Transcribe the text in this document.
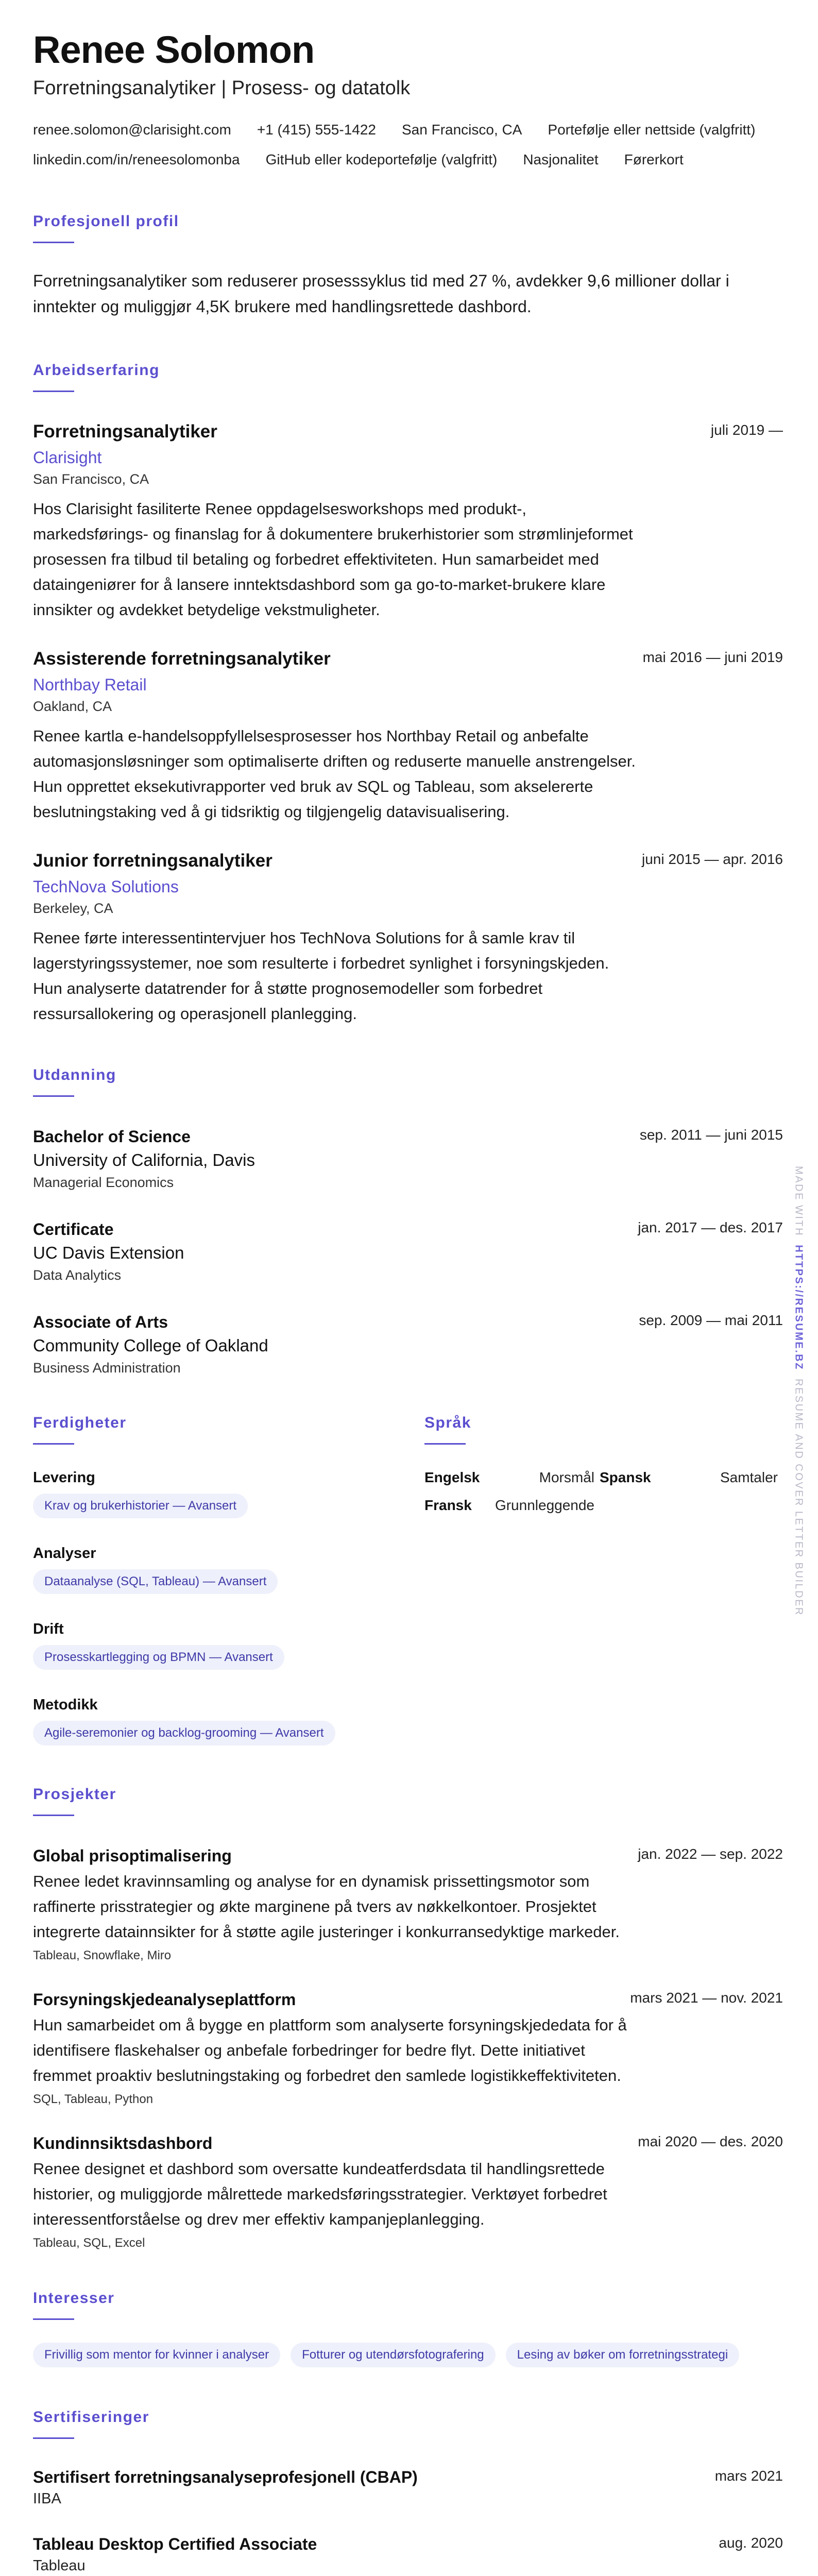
Renee Solomon
Forretningsanalytiker | Prosess- og datatolk
renee.solomon@clarisight.com +1 (415) 555-1422 San Francisco, CA Portefølje eller nettside (valgfritt)
linkedin.com/in/reneesolomonba GitHub eller kodeportefølje (valgfritt) Nasjonalitet Førerkort
Profesjonell profil
Forretningsanalytiker som reduserer prosesssyklus tid med 27 %, avdekker 9,6 millioner dollar i inntekter og muliggjør 4,5K brukere med handlingsrettede dashbord.
Arbeidserfaring
Forretningsanalytiker	juli 2019 —
Clarisight
San Francisco, CA
Hos Clarisight fasiliterte Renee oppdagelsesworkshops med produkt-, markedsførings- og finanslag for å dokumentere brukerhistorier som strømlinjeformet prosessen fra tilbud til betaling og forbedret effektiviteten. Hun samarbeidet med dataingeniører for å lansere inntektsdashbord som ga go-to-market-brukere klare innsikter og avdekket betydelige vekstmuligheter.
Assisterende forretningsanalytiker	mai 2016 — juni 2019
Northbay Retail
Oakland, CA
Renee kartla e-handelsoppfyllelsesprosesser hos Northbay Retail og anbefalte automasjonsløsninger som optimaliserte driften og reduserte manuelle anstrengelser. Hun opprettet eksekutivrapporter ved bruk av SQL og Tableau, som akselererte beslutningstaking ved å gi tidsriktig og tilgjengelig datavisualisering.
Junior forretningsanalytiker	juni 2015 — apr. 2016
TechNova Solutions
Berkeley, CA
Renee førte interessentintervjuer hos TechNova Solutions for å samle krav til lagerstyringssystemer, noe som resulterte i forbedret synlighet i forsyningskjeden. Hun analyserte datatrender for å støtte prognosemodeller som forbedret ressursallokering og operasjonell planlegging.
Utdanning
Bachelor of Science	sep. 2011 — juni 2015
University of California, Davis
Managerial Economics
Certificate	jan. 2017 — des. 2017
UC Davis Extension
Data Analytics
Associate of Arts	sep. 2009 — mai 2011
Community College of Oakland
Business Administration
Ferdigheter
Levering
Krav og brukerhistorier — Avansert
Analyser
Dataanalyse (SQL, Tableau) — Avansert
Drift
Prosesskartlegging og BPMN — Avansert
Metodikk
Agile-seremonier og backlog-grooming — Avansert
Språk
Engelsk	Morsmål Spansk	Samtaler
Fransk Grunnleggende
Prosjekter
Global prisoptimalisering	jan. 2022 — sep. 2022
Renee ledet kravinnsamling og analyse for en dynamisk prissettingsmotor som raffinerte prisstrategier og økte marginene på tvers av nøkkelkontoer. Prosjektet integrerte datainnsikter for å støtte agile justeringer i konkurransedyktige markeder.
Tableau, Snowflake, Miro
Forsyningskjedeanalyseplattform	mars 2021 — nov. 2021
Hun samarbeidet om å bygge en plattform som analyserte forsyningskjededata for å identifisere flaskehalser og anbefale forbedringer for bedre flyt. Dette initiativet fremmet proaktiv beslutningstaking og forbedret den samlede logistikkeffektiviteten.
SQL, Tableau, Python
Kundinnsiktsdashbord	mai 2020 — des. 2020
Renee designet et dashbord som oversatte kundeatferdsdata til handlingsrettede historier, og muliggjorde målrettede markedsføringsstrategier. Verktøyet forbedret interessentforståelse og drev mer effektiv kampanjeplanlegging.
Tableau, SQL, Excel
Interesser
Frivillig som mentor for kvinner i analyser	Fotturer og utendørsfotografering	Lesing av bøker om forretningsstrategi
Sertifiseringer
Sertifisert forretningsanalyseprofesjonell (CBAP)	mars 2021
IIBA
Tableau Desktop Certified Associate	aug. 2020
Tableau
MADE WITH  HTTPS://RESUME.BZ  RESUME AND COVER LETTER BUILDER
